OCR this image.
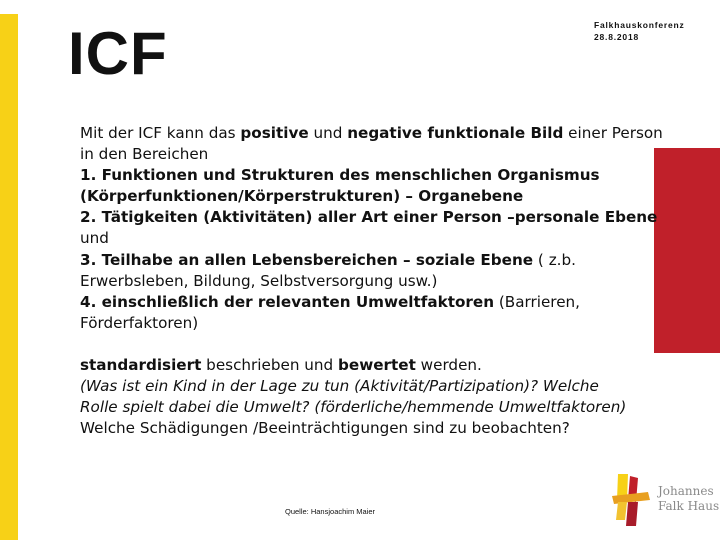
ICF	Falkhauskonferenz
28.8.2018
Mit der ICF kann das positive und negative funktionale Bild einer Person
in den Bereichen
1. Funktionen und Strukturen des menschlichen Organismus
(Körperfunktionen/Körperstrukturen) – Organebene
2. Tätigkeiten (Aktivitäten) aller Art einer Person –personale Ebene
und
3. Teilhabe an allen Lebensbereichen – soziale Ebene ( z.b.
Erwerbsleben, Bildung, Selbstversorgung usw.)
4. einschließlich der relevanten Umweltfaktoren (Barrieren,
Förderfaktoren)
standardisiert beschrieben und bewertet werden.
(Was ist ein Kind in der Lage zu tun (Aktivität/Partizipation)? Welche
Rolle spielt dabei die Umwelt? (förderliche/hemmende Umweltfaktoren)
Welche Schädigungen /Beeinträchtigungen sind zu beobachten?
Quelle: Hansjoachim Maier
Johannes
Falk Haus
